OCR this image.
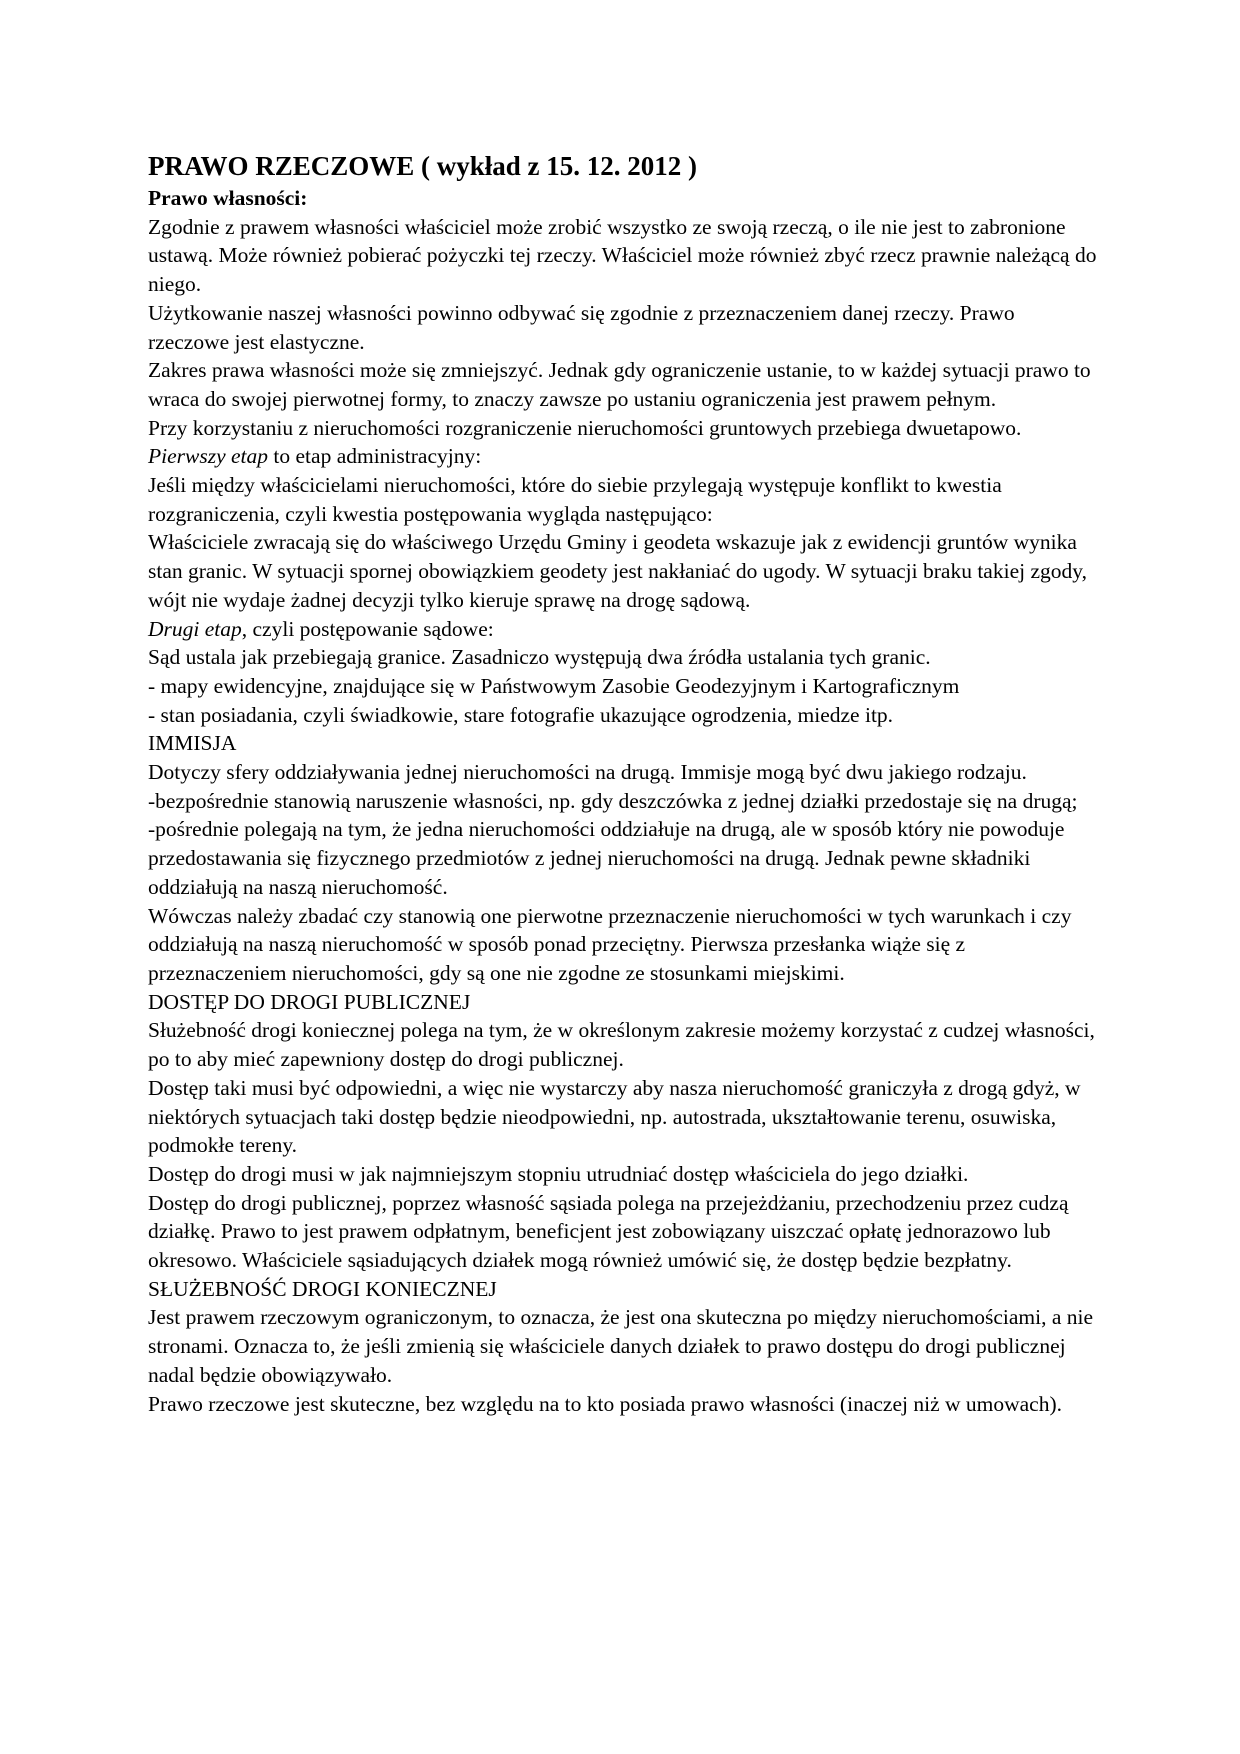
PRAWO RZECZOWE ( wykład z 15. 12. 2012 )

Prawo własności:

Zgodnie z prawem własności właściciel może zrobić wszystko ze swoją rzeczą, o ile nie jest to zabronione ustawą. Może również pobierać pożyczki tej rzeczy. Właściciel może również zbyć rzecz prawnie należącą do niego.

Użytkowanie naszej własności powinno odbywać się zgodnie z przeznaczeniem danej rzeczy. Prawo rzeczowe jest elastyczne.

Zakres prawa własności może się zmniejszyć. Jednak gdy ograniczenie ustanie, to w każdej sytuacji prawo to wraca do swojej pierwotnej formy, to znaczy zawsze po ustaniu ograniczenia jest prawem pełnym.

Przy korzystaniu z nieruchomości rozgraniczenie nieruchomości gruntowych przebiega dwuetapowo.

Pierwszy etap to etap administracyjny:

Jeśli między właścicielami nieruchomości, które do siebie przylegają występuje konflikt to kwestia rozgraniczenia, czyli kwestia postępowania wygląda następująco:

Właściciele zwracają się do właściwego Urzędu Gminy i geodeta wskazuje jak z ewidencji gruntów wynika stan granic. W sytuacji spornej obowiązkiem geodety jest nakłaniać do ugody. W sytuacji braku takiej zgody, wójt nie wydaje żadnej decyzji tylko kieruje sprawę na drogę sądową.

Drugi etap, czyli postępowanie sądowe:

Sąd ustala jak przebiegają granice. Zasadniczo występują dwa źródła ustalania tych granic.

- mapy ewidencyjne, znajdujące się w Państwowym Zasobie Geodezyjnym i Kartograficznym

- stan posiadania, czyli świadkowie, stare fotografie ukazujące ogrodzenia, miedze itp.

IMMISJA

Dotyczy sfery oddziaływania jednej nieruchomości na drugą. Immisje mogą być dwu jakiego rodzaju.

-bezpośrednie stanowią naruszenie własności, np. gdy deszczówka z jednej działki przedostaje się na drugą;

-pośrednie polegają na tym, że jedna nieruchomości oddziałuje na drugą, ale w sposób który nie powoduje przedostawania się fizycznego przedmiotów z jednej nieruchomości na drugą. Jednak pewne składniki oddziałują na naszą nieruchomość.

Wówczas należy zbadać czy stanowią one pierwotne przeznaczenie nieruchomości w tych warunkach i czy oddziałują na naszą nieruchomość w sposób ponad przeciętny. Pierwsza przesłanka wiąże się z przeznaczeniem nieruchomości, gdy są one nie zgodne ze stosunkami miejskimi.

DOSTĘP DO DROGI PUBLICZNEJ

Służebność drogi koniecznej polega na tym, że w określonym zakresie możemy korzystać z cudzej własności, po to aby mieć zapewniony dostęp do drogi publicznej.

Dostęp taki musi być odpowiedni, a więc nie wystarczy aby nasza nieruchomość graniczyła z drogą gdyż, w niektórych sytuacjach taki dostęp będzie nieodpowiedni, np. autostrada, ukształtowanie terenu, osuwiska, podmokłe tereny.

Dostęp do drogi musi w jak najmniejszym stopniu utrudniać dostęp właściciela do jego działki.

Dostęp do drogi publicznej, poprzez własność sąsiada polega na przejeżdżaniu, przechodzeniu przez cudzą działkę. Prawo to jest prawem odpłatnym, beneficjent jest zobowiązany uiszczać opłatę jednorazowo lub okresowo. Właściciele sąsiadujących działek mogą również umówić się, że dostęp będzie bezpłatny.

SŁUŻEBNOŚĆ DROGI KONIECZNEJ

Jest prawem rzeczowym ograniczonym, to oznacza, że jest ona skuteczna po między nieruchomościami, a nie stronami. Oznacza to, że jeśli zmienią się właściciele danych działek to prawo dostępu do drogi publicznej nadal będzie obowiązywało.

Prawo rzeczowe jest skuteczne, bez względu na to kto posiada prawo własności (inaczej niż w umowach).
